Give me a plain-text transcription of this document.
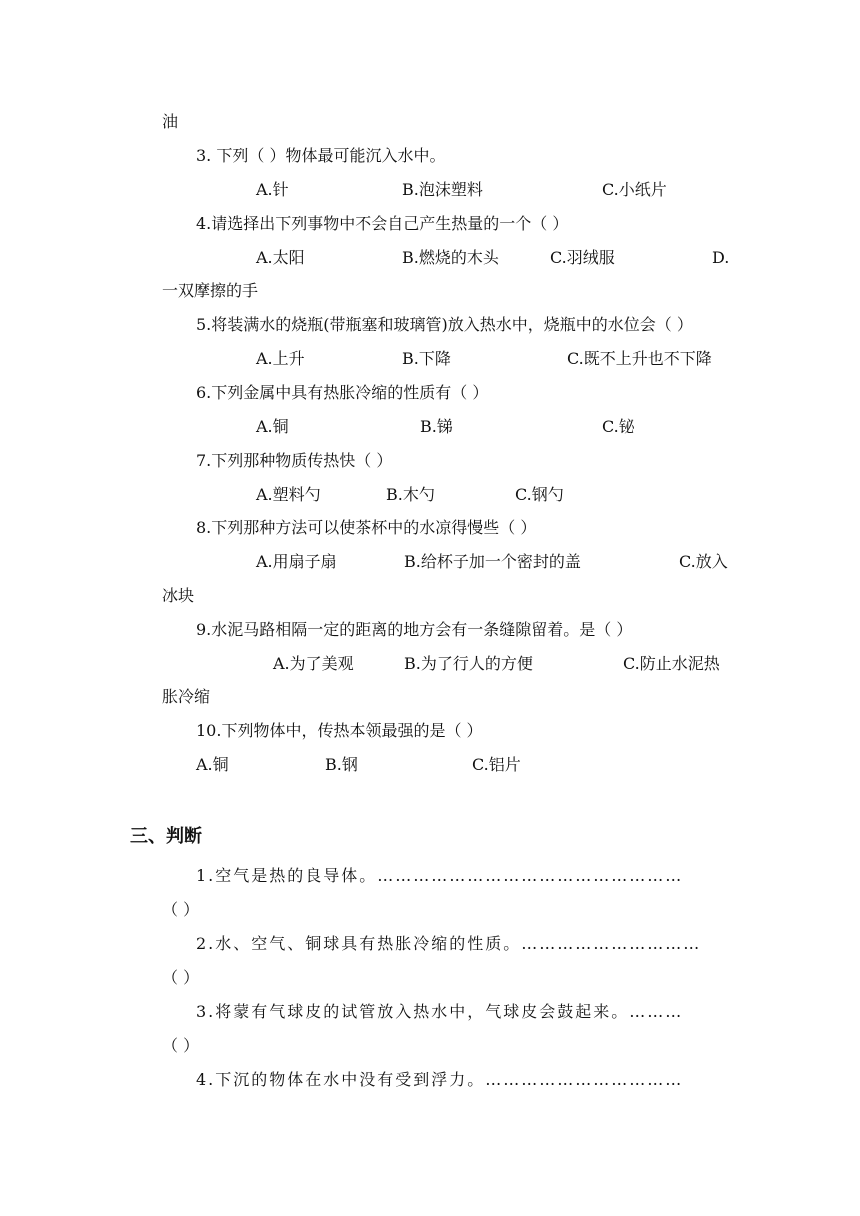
油
3. 下列（ ）物体最可能沉入水中。
A.针	B.泡沫塑料	C.小纸片
4.请选择出下列事物中不会自己产生热量的一个（ ）
A.太阳	B.燃烧的木头	C.羽绒服	D.
一双摩擦的手
5.将装满水的烧瓶(带瓶塞和玻璃管)放入热水中，烧瓶中的水位会（ ）
A.上升	B.下降	C.既不上升也不下降
6.下列金属中具有热胀冷缩的性质有（ ）
A.铜	B.锑	C.铋
7.下列那种物质传热快（ ）
A.塑料勺	B.木勺	C.钢勺
8.下列那种方法可以使茶杯中的水凉得慢些（ ）
A.用扇子扇	B.给杯子加一个密封的盖	C.放入
冰块
9.水泥马路相隔一定的距离的地方会有一条缝隙留着。是（ ）
A.为了美观	B.为了行人的方便	C.防止水泥热
胀冷缩
10.下列物体中，传热本领最强的是（ ）
A.铜	B.钢	C.铝片
三、判断
1.空气是热的良导体。……………………………………………
（ ）
2.水、空气、铜球具有热胀冷缩的性质。…………………………
（ ）
3.将蒙有气球皮的试管放入热水中，气球皮会鼓起来。………
（ ）
4.下沉的物体在水中没有受到浮力。……………………………
